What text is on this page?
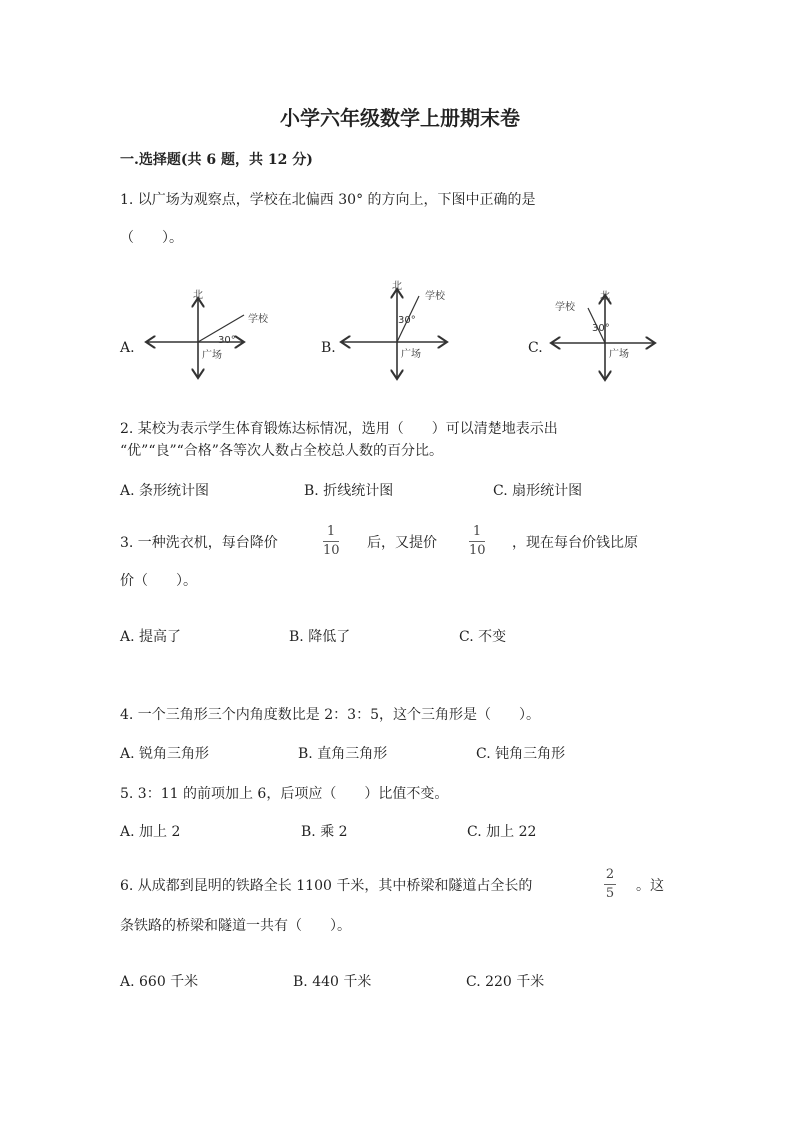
小学六年级数学上册期末卷
一.选择题(共 6 题，共 12 分)
1. 以广场为观察点，学校在北偏西 30° 的方向上，下图中正确的是
（　　）。
A.	B.	C.
北
学校
30°
广场
北
学校
30°
广场
北
学校
30°
广场
2. 某校为表示学生体育锻炼达标情况，选用（　　）可以清楚地表示出
“优”“良”“合格”各等次人数占全校总人数的百分比。
A. 条形统计图	B. 折线统计图	C. 扇形统计图
3. 一种洗衣机，每台降价
1
10 后，又提价
1
10 ，现在每台价钱比原
价（　　）。
A. 提高了	B. 降低了	C. 不变
4. 一个三角形三个内角度数比是 2：3：5，这个三角形是（　　）。
A. 锐角三角形	B. 直角三角形	C. 钝角三角形
5. 3：11 的前项加上 6，后项应（　　）比值不变。
A. 加上 2	B. 乘 2	C. 加上 22
6. 从成都到昆明的铁路全长 1100 千米，其中桥梁和隧道占全长的
2
5 。这
条铁路的桥梁和隧道一共有（　　）。
A. 660 千米	B. 440 千米	C. 220 千米
